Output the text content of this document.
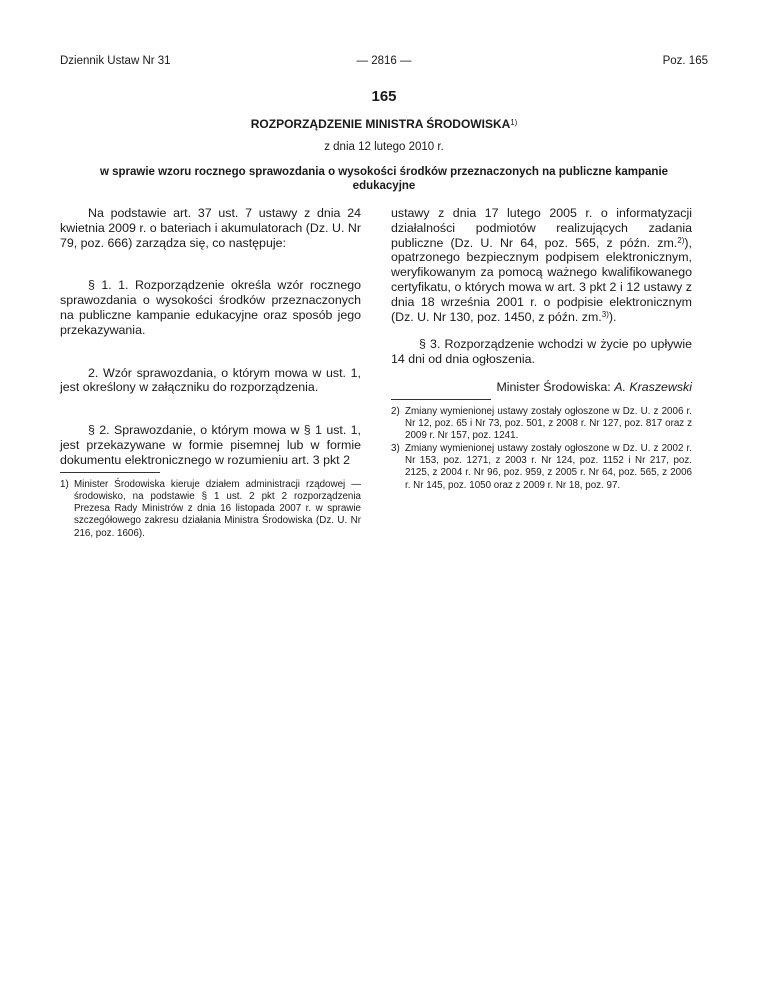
Dziennik Ustaw Nr 31	— 2816 —	Poz. 165
165
ROZPORZĄDZENIE MINISTRA ŚRODOWISKA$^{1)}$
z dnia 12 lutego 2010 r.
w sprawie wzoru rocznego sprawozdania o wysokości środków przeznaczonych na publiczne kampanie edukacyjne

Na podstawie art. 37 ust. 7 ustawy z dnia 24 kwietnia 2009 r. o bateriach i akumulatorach (Dz. U. Nr 79, poz. 666) zarządza się, co następuje:

§ 1. 1. Rozporządzenie określa wzór rocznego sprawozdania o wysokości środków przeznaczonych na publiczne kampanie edukacyjne oraz sposób jego przekazywania.

2. Wzór sprawozdania, o którym mowa w ust. 1, jest określony w załączniku do rozporządzenia.

§ 2. Sprawozdanie, o którym mowa w § 1 ust. 1, jest przekazywane w formie pisemnej lub w formie dokumentu elektronicznego w rozumieniu art. 3 pkt 2

1) Minister Środowiska kieruje działem administracji rządowej — środowisko, na podstawie § 1 ust. 2 pkt 2 rozporządzenia Prezesa Rady Ministrów z dnia 16 listopada 2007 r. w sprawie szczegółowego zakresu działania Ministra Środowiska (Dz. U. Nr 216, poz. 1606).

ustawy z dnia 17 lutego 2005 r. o informatyzacji działalności podmiotów realizujących zadania publiczne (Dz. U. Nr 64, poz. 565, z późn. zm.$^{2)}$), opatrzonego bezpiecznym podpisem elektronicznym, weryfikowanym za pomocą ważnego kwalifikowanego certyfikatu, o których mowa w art. 3 pkt 2 i 12 ustawy z dnia 18 września 2001 r. o podpisie elektronicznym (Dz. U. Nr 130, poz. 1450, z późn. zm.$^{3)}$).

§ 3. Rozporządzenie wchodzi w życie po upływie 14 dni od dnia ogłoszenia.

Minister Środowiska: A. Kraszewski

2) Zmiany wymienionej ustawy zostały ogłoszone w Dz. U. z 2006 r. Nr 12, poz. 65 i Nr 73, poz. 501, z 2008 r. Nr 127, poz. 817 oraz z 2009 r. Nr 157, poz. 1241.
3) Zmiany wymienionej ustawy zostały ogłoszone w Dz. U. z 2002 r. Nr 153, poz. 1271, z 2003 r. Nr 124, poz. 1152 i Nr 217, poz. 2125, z 2004 r. Nr 96, poz. 959, z 2005 r. Nr 64, poz. 565, z 2006 r. Nr 145, poz. 1050 oraz z 2009 r. Nr 18, poz. 97.
